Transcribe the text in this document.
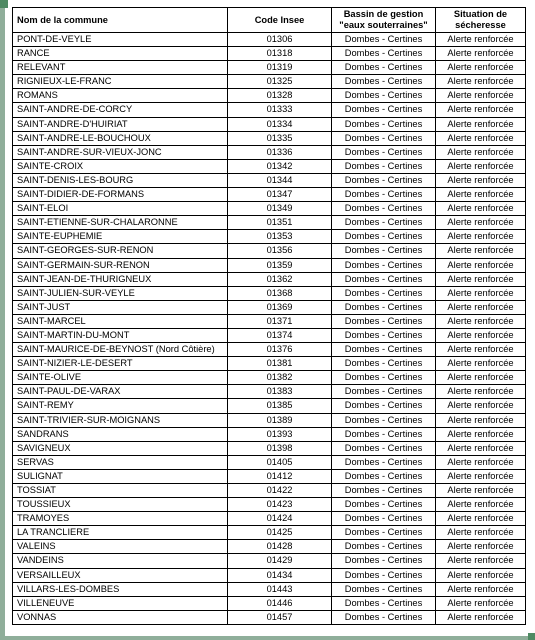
Nom de la commune	Code Insee	Bassin de gestion "eaux souterraines"	Situation de sécheresse
PONT-DE-VEYLE	01306	Dombes - Certines	Alerte renforcée
RANCE	01318	Dombes - Certines	Alerte renforcée
RELEVANT	01319	Dombes - Certines	Alerte renforcée
RIGNIEUX-LE-FRANC	01325	Dombes - Certines	Alerte renforcée
ROMANS	01328	Dombes - Certines	Alerte renforcée
SAINT-ANDRE-DE-CORCY	01333	Dombes - Certines	Alerte renforcée
SAINT-ANDRE-D'HUIRIAT	01334	Dombes - Certines	Alerte renforcée
SAINT-ANDRE-LE-BOUCHOUX	01335	Dombes - Certines	Alerte renforcée
SAINT-ANDRE-SUR-VIEUX-JONC	01336	Dombes - Certines	Alerte renforcée
SAINTE-CROIX	01342	Dombes - Certines	Alerte renforcée
SAINT-DENIS-LES-BOURG	01344	Dombes - Certines	Alerte renforcée
SAINT-DIDIER-DE-FORMANS	01347	Dombes - Certines	Alerte renforcée
SAINT-ELOI	01349	Dombes - Certines	Alerte renforcée
SAINT-ETIENNE-SUR-CHALARONNE	01351	Dombes - Certines	Alerte renforcée
SAINTE-EUPHEMIE	01353	Dombes - Certines	Alerte renforcée
SAINT-GEORGES-SUR-RENON	01356	Dombes - Certines	Alerte renforcée
SAINT-GERMAIN-SUR-RENON	01359	Dombes - Certines	Alerte renforcée
SAINT-JEAN-DE-THURIGNEUX	01362	Dombes - Certines	Alerte renforcée
SAINT-JULIEN-SUR-VEYLE	01368	Dombes - Certines	Alerte renforcée
SAINT-JUST	01369	Dombes - Certines	Alerte renforcée
SAINT-MARCEL	01371	Dombes - Certines	Alerte renforcée
SAINT-MARTIN-DU-MONT	01374	Dombes - Certines	Alerte renforcée
SAINT-MAURICE-DE-BEYNOST (Nord Côtière)	01376	Dombes - Certines	Alerte renforcée
SAINT-NIZIER-LE-DESERT	01381	Dombes - Certines	Alerte renforcée
SAINTE-OLIVE	01382	Dombes - Certines	Alerte renforcée
SAINT-PAUL-DE-VARAX	01383	Dombes - Certines	Alerte renforcée
SAINT-REMY	01385	Dombes - Certines	Alerte renforcée
SAINT-TRIVIER-SUR-MOIGNANS	01389	Dombes - Certines	Alerte renforcée
SANDRANS	01393	Dombes - Certines	Alerte renforcée
SAVIGNEUX	01398	Dombes - Certines	Alerte renforcée
SERVAS	01405	Dombes - Certines	Alerte renforcée
SULIGNAT	01412	Dombes - Certines	Alerte renforcée
TOSSIAT	01422	Dombes - Certines	Alerte renforcée
TOUSSIEUX	01423	Dombes - Certines	Alerte renforcée
TRAMOYES	01424	Dombes - Certines	Alerte renforcée
LA TRANCLIERE	01425	Dombes - Certines	Alerte renforcée
VALEINS	01428	Dombes - Certines	Alerte renforcée
VANDEINS	01429	Dombes - Certines	Alerte renforcée
VERSAILLEUX	01434	Dombes - Certines	Alerte renforcée
VILLARS-LES-DOMBES	01443	Dombes - Certines	Alerte renforcée
VILLENEUVE	01446	Dombes - Certines	Alerte renforcée
VONNAS	01457	Dombes - Certines	Alerte renforcée
